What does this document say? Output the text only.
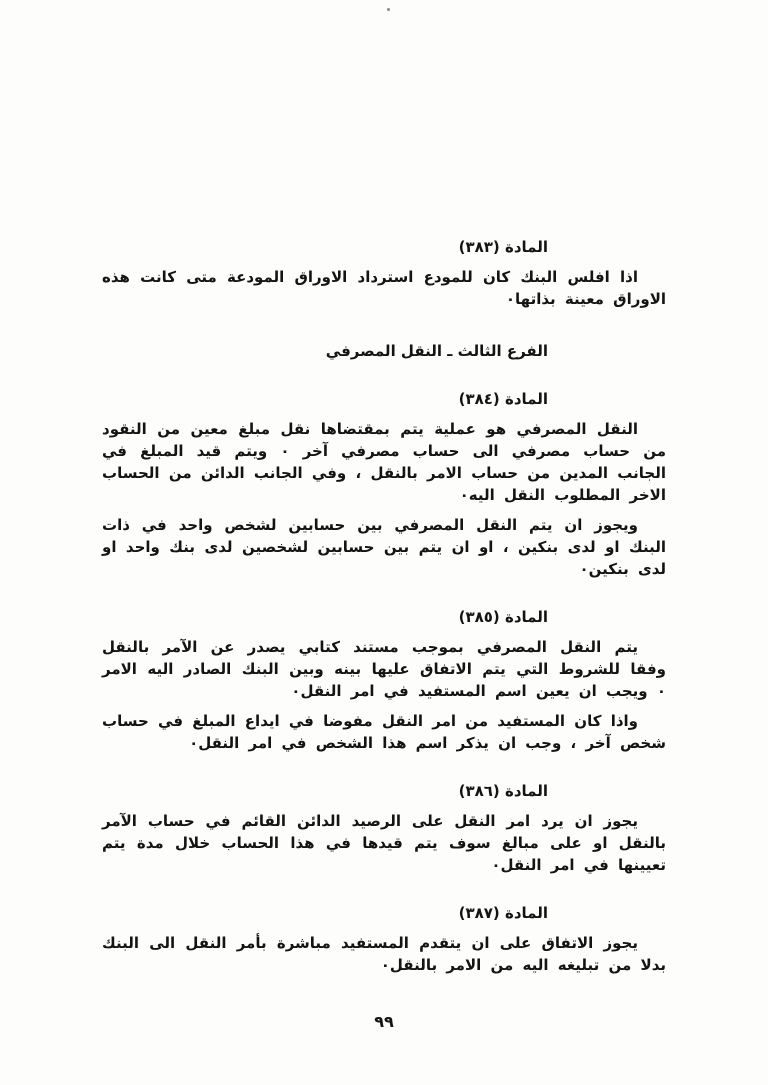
المادة (٣٨٣)
اذا افلس البنك كان للمودع استرداد الاوراق المودعة متى كانت هذه الاوراق معينة بذاتها٠
الفرع الثالث ـ النقل المصرفي
المادة (٣٨٤)
النقل المصرفي هو عملية يتم بمقتضاها نقل مبلغ معين من النقود من حساب مصرفي الى حساب مصرفي آخر ٠ ويتم قيد المبلغ في الجانب المدين من حساب الامر بالنقل ، وفي الجانب الدائن من الحساب الاخر المطلوب النقل اليه٠
ويجوز ان يتم النقل المصرفي بين حسابين لشخص واحد في ذات البنك او لدى بنكين ، او ان يتم بين حسابين لشخصين لدى بنك واحد او لدى بنكين٠
المادة (٣٨٥)
يتم النقل المصرفي بموجب مستند كتابي يصدر عن الآمر بالنقل وفقا للشروط التي يتم الاتفاق عليها بينه وبين البنك الصادر اليه الامر ٠ ويجب ان يعين اسم المستفيد في امر النقل٠
واذا كان المستفيد من امر النقل مفوضا في ايداع المبلغ في حساب شخص آخر ، وجب ان يذكر اسم هذا الشخص في امر النقل٠
المادة (٣٨٦)
يجوز ان يرد امر النقل على الرصيد الدائن القائم في حساب الآمر بالنقل او على مبالغ سوف يتم قيدها في هذا الحساب خلال مدة يتم تعيينها في امر النقل٠
المادة (٣٨٧)
يجوز الاتفاق على ان يتقدم المستفيد مباشرة بأمر النقل الى البنك بدلا من تبليغه اليه من الامر بالنقل٠
٩٩
